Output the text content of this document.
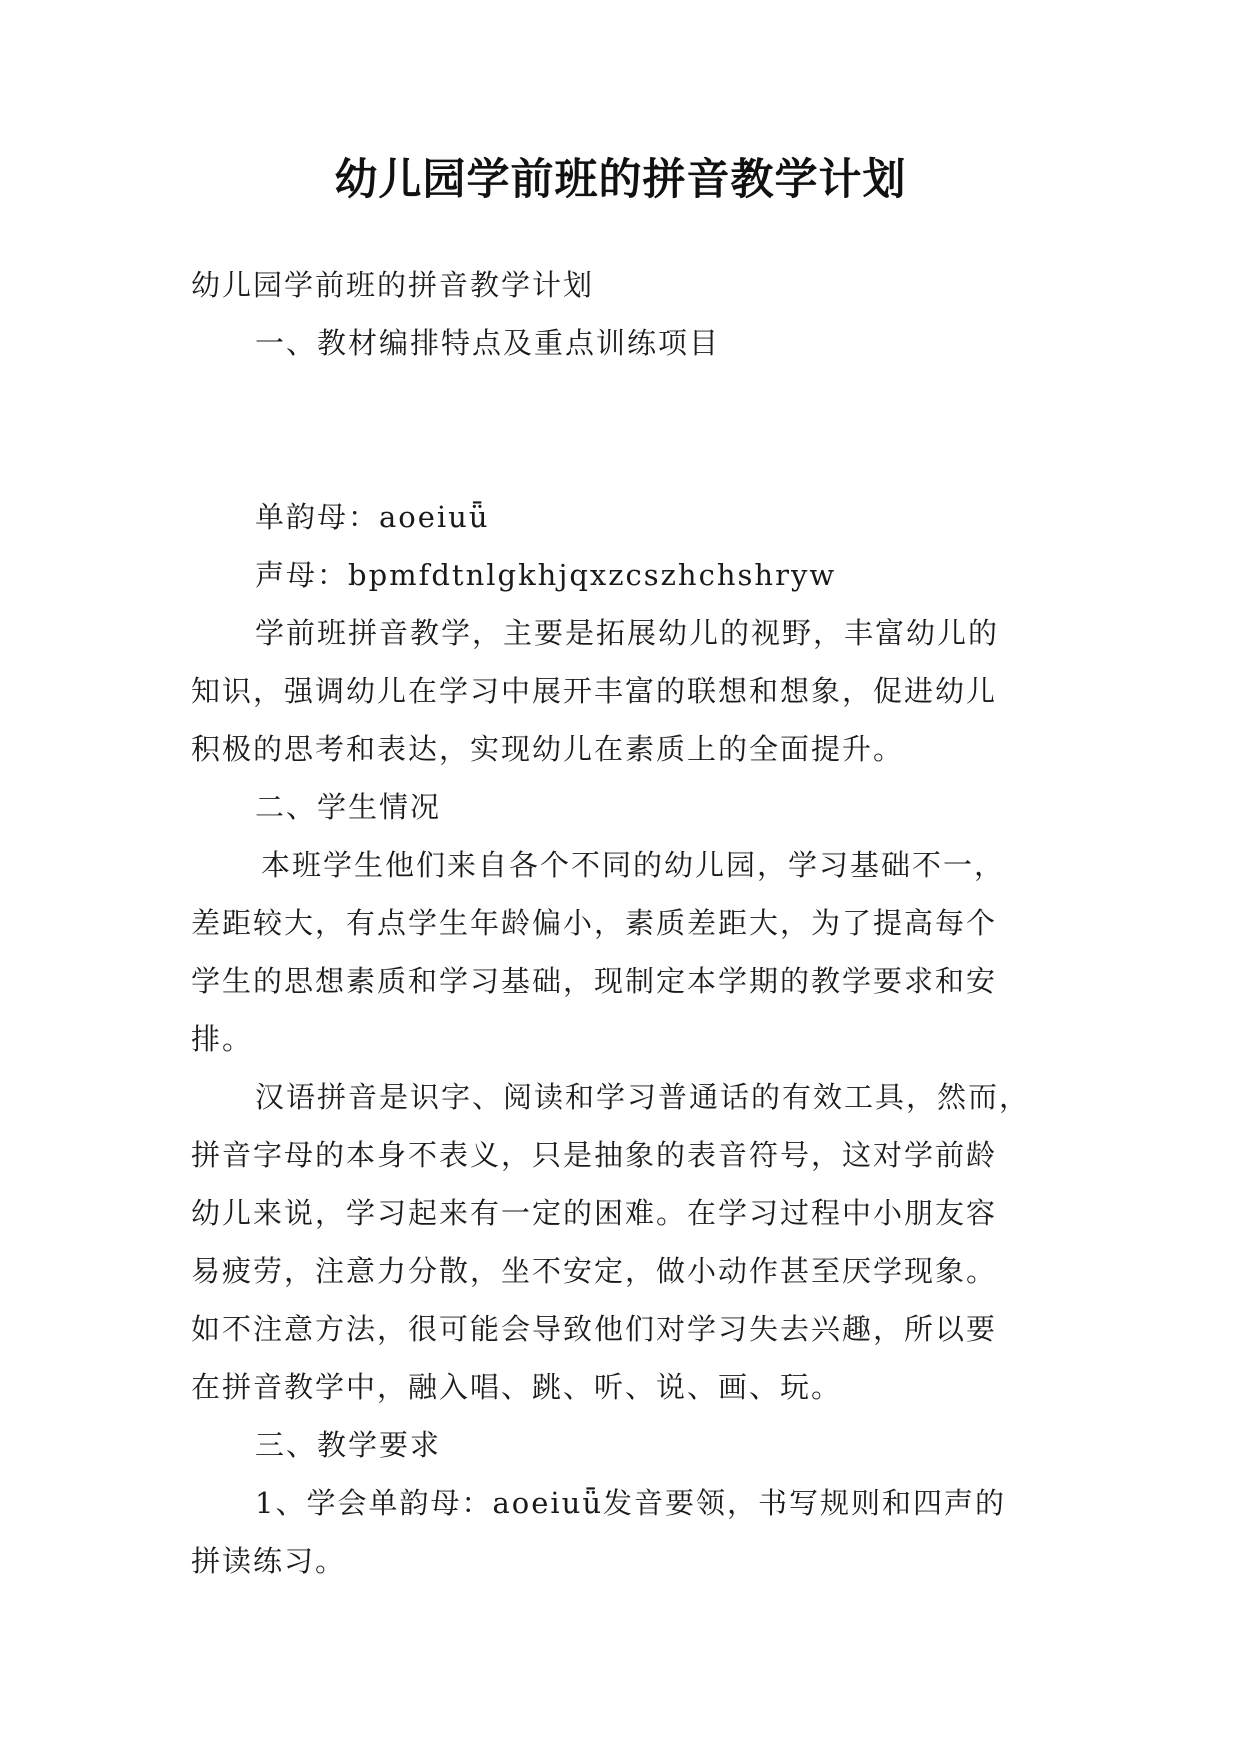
幼儿园学前班的拼音教学计划
幼儿园学前班的拼音教学计划
一、教材编排特点及重点训练项目
单韵母：aoeiuǖ
声母：bpmfdtnlgkhjqxzcszhchshryw
学前班拼音教学，主要是拓展幼儿的视野，丰富幼儿的
知识，强调幼儿在学习中展开丰富的联想和想象，促进幼儿
积极的思考和表达，实现幼儿在素质上的全面提升。
二、学生情况
本班学生他们来自各个不同的幼儿园，学习基础不一，
差距较大，有点学生年龄偏小，素质差距大，为了提高每个
学生的思想素质和学习基础，现制定本学期的教学要求和安
排。
汉语拼音是识字、阅读和学习普通话的有效工具，然而，
拼音字母的本身不表义，只是抽象的表音符号，这对学前龄
幼儿来说，学习起来有一定的困难。在学习过程中小朋友容
易疲劳，注意力分散，坐不安定，做小动作甚至厌学现象。
如不注意方法，很可能会导致他们对学习失去兴趣，所以要
在拼音教学中，融入唱、跳、听、说、画、玩。
三、教学要求
1、学会单韵母：aoeiuǖ发音要领，书写规则和四声的
拼读练习。
